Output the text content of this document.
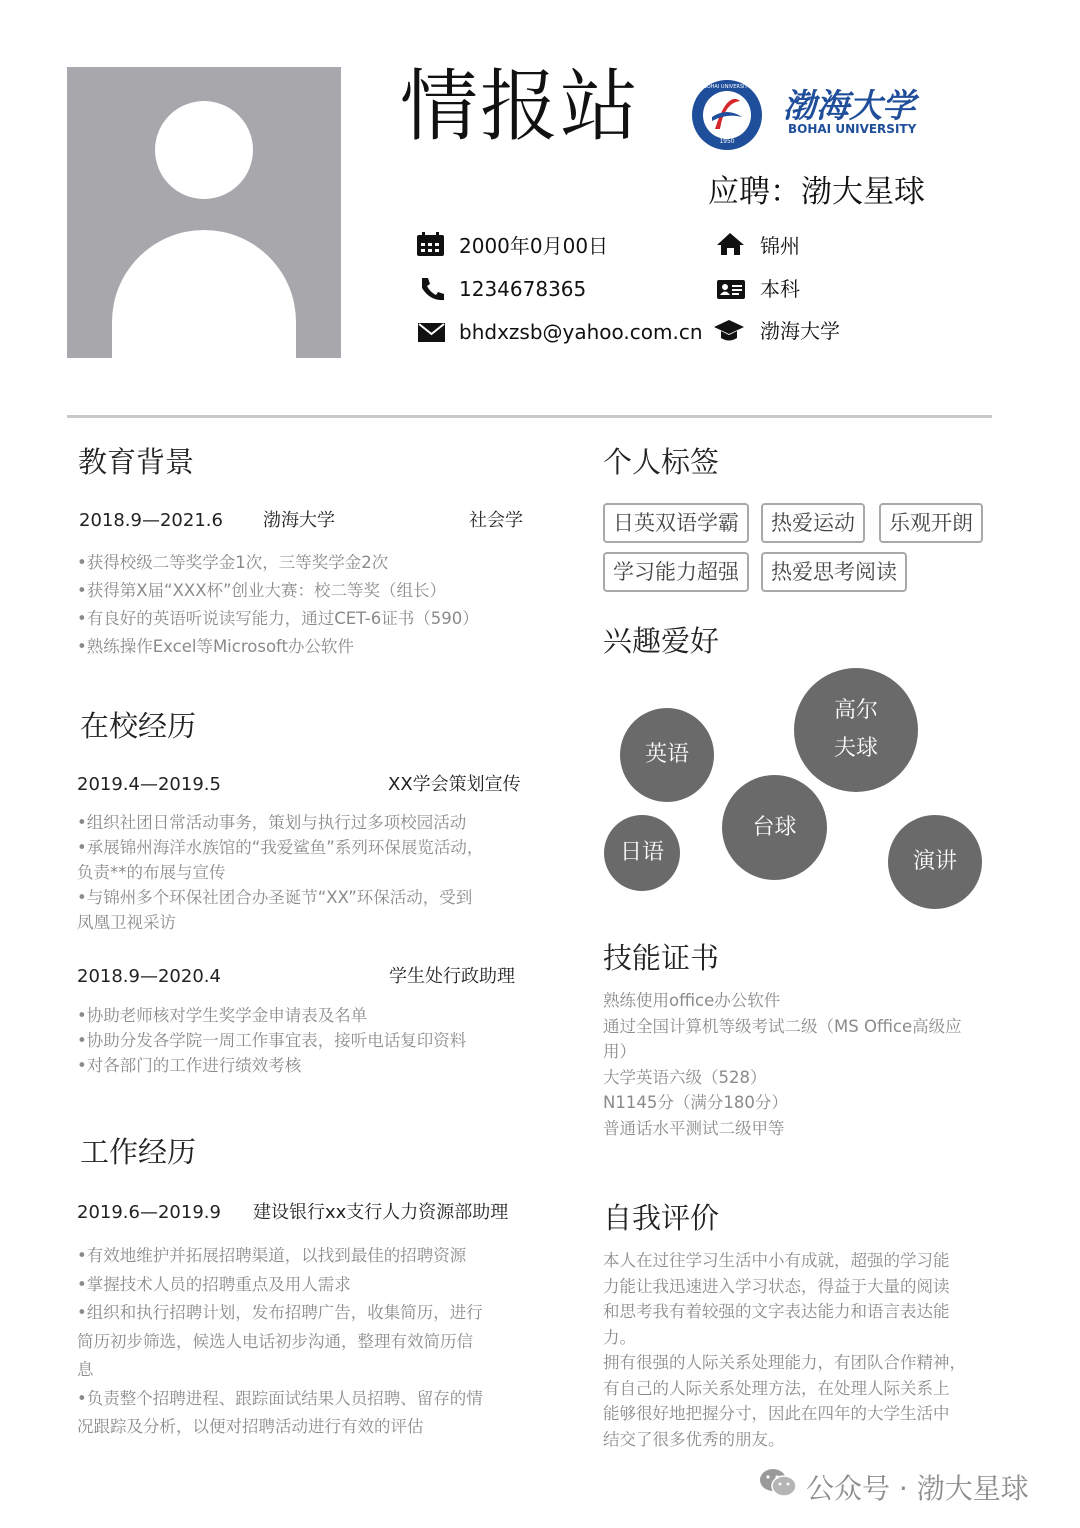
情报站	1950
BOHAI UNIVERSITY 渤海大学
BOHAI UNIVERSITY
应聘：渤大星球
2000年0月00日
1234678365
bhdxzsb@yahoo.com.cn
锦州
本科
渤海大学
教育背景
2018.9—2021.6 渤海大学	社会学
•获得校级二等奖学金1次，三等奖学金2次
•获得第X届“XXX杯”创业大赛：校二等奖（组长）
•有良好的英语听说读写能力，通过CET-6证书（590）
•熟练操作Excel等Microsoft办公软件
在校经历
2019.4—2019.5	XX学会策划宣传
•组织社团日常活动事务，策划与执行过多项校园活动
•承展锦州海洋水族馆的“我爱鲨鱼”系列环保展览活动，
负责**的布展与宣传
•与锦州多个环保社团合办圣诞节“XX”环保活动，受到
凤凰卫视采访
2018.9—2020.4	学生处行政助理
•协助老师核对学生奖学金申请表及名单
•协助分发各学院一周工作事宜表，接听电话复印资料
•对各部门的工作进行绩效考核
工作经历
2019.6—2019.9 建设银行xx支行人力资源部助理
•有效地维护并拓展招聘渠道，以找到最佳的招聘资源
•掌握技术人员的招聘重点及用人需求
•组织和执行招聘计划，发布招聘广告，收集简历，进行
简历初步筛选，候选人电话初步沟通，整理有效简历信
息
•负责整个招聘进程、跟踪面试结果人员招聘、留存的情
况跟踪及分析，以便对招聘活动进行有效的评估
个人标签
日英双语学霸	热爱运动	乐观开朗
学习能力超强	热爱思考阅读
兴趣爱好
英语
高尔
夫球
台球
日语	演讲
技能证书
熟练使用office办公软件
通过全国计算机等级考试二级（MS Office高级应
用）
大学英语六级（528）
N1145分（满分180分）
普通话水平测试二级甲等
自我评价
本人在过往学习生活中小有成就，超强的学习能
力能让我迅速进入学习状态，得益于大量的阅读
和思考我有着较强的文字表达能力和语言表达能
力。
拥有很强的人际关系处理能力，有团队合作精神，
有自己的人际关系处理方法，在处理人际关系上
能够很好地把握分寸，因此在四年的大学生活中
结交了很多优秀的朋友。
公众号 · 渤大星球
